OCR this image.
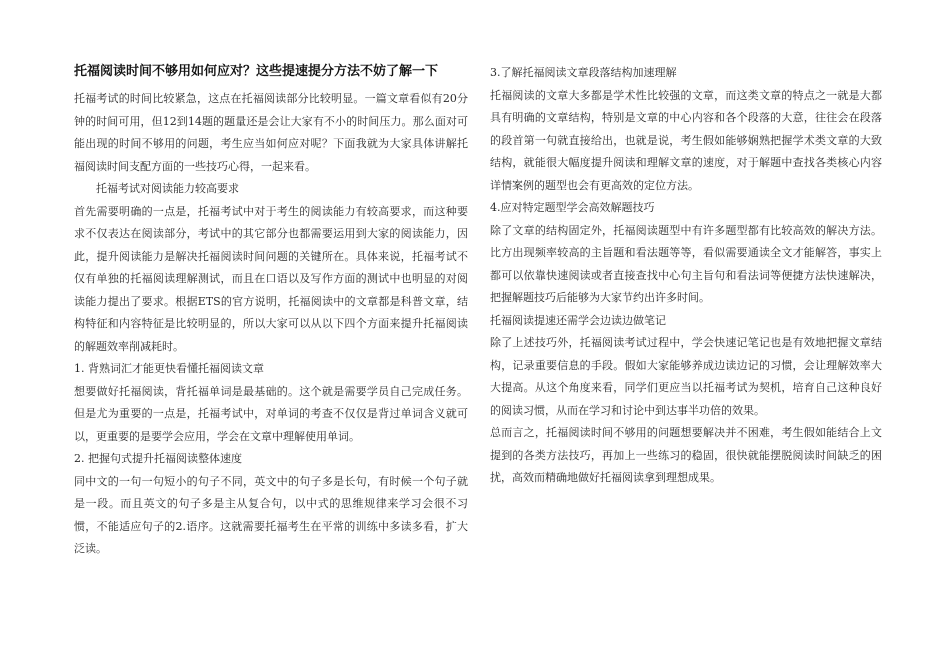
托福阅读时间不够用如何应对？这些提速提分方法不妨了解一下

托福考试的时间比较紧急，这点在托福阅读部分比较明显。一篇文章看似有20分钟的时间可用，但12到14题的题量还是会让大家有不小的时间压力。那么面对可能出现的时间不够用的问题，考生应当如何应对呢？下面我就为大家具体讲解托福阅读时间支配方面的一些技巧心得，一起来看。

托福考试对阅读能力较高要求

首先需要明确的一点是，托福考试中对于考生的阅读能力有较高要求，而这种要求不仅表达在阅读部分，考试中的其它部分也都需要运用到大家的阅读能力，因此，提升阅读能力是解决托福阅读时间问题的关键所在。具体来说，托福考试不仅有单独的托福阅读理解测试，而且在口语以及写作方面的测试中也明显的对阅读能力提出了要求。根据ETS的官方说明，托福阅读中的文章都是科普文章，结构特征和内容特征是比较明显的，所以大家可以从以下四个方面来提升托福阅读的解题效率削减耗时。

1. 背熟词汇才能更快看懂托福阅读文章

想要做好托福阅读，背托福单词是最基础的。这个就是需要学员自己完成任务。但是尤为重要的一点是，托福考试中，对单词的考查不仅仅是背过单词含义就可以，更重要的是要学会应用，学会在文章中理解使用单词。

2. 把握句式提升托福阅读整体速度

同中文的一句一句短小的句子不同，英文中的句子多是长句，有时候一个句子就是一段。而且英文的句子多是主从复合句，以中式的思维规律来学习会很不习惯，不能适应句子的2.语序。这就需要托福考生在平常的训练中多读多看，扩大泛读。

3.了解托福阅读文章段落结构加速理解

托福阅读的文章大多都是学术性比较强的文章，而这类文章的特点之一就是大都具有明确的文章结构，特别是文章的中心内容和各个段落的大意，往往会在段落的段首第一句就直接给出，也就是说，考生假如能够娴熟把握学术类文章的大致结构，就能很大幅度提升阅读和理解文章的速度，对于解题中查找各类核心内容详情案例的题型也会有更高效的定位方法。

4.应对特定题型学会高效解题技巧

除了文章的结构固定外，托福阅读题型中有许多题型都有比较高效的解决方法。比方出现频率较高的主旨题和看法题等等，看似需要通读全文才能解答，事实上都可以依靠快速阅读或者直接查找中心句主旨句和看法词等便捷方法快速解决，把握解题技巧后能够为大家节约出许多时间。

托福阅读提速还需学会边读边做笔记

除了上述技巧外，托福阅读考试过程中，学会快速记笔记也是有效地把握文章结构，记录重要信息的手段。假如大家能够养成边读边记的习惯，会让理解效率大大提高。从这个角度来看，同学们更应当以托福考试为契机，培育自己这种良好的阅读习惯，从而在学习和讨论中到达事半功倍的效果。

总而言之，托福阅读时间不够用的问题想要解决并不困难，考生假如能结合上文提到的各类方法技巧，再加上一些练习的稳固，很快就能摆脱阅读时间缺乏的困扰，高效而精确地做好托福阅读拿到理想成果。
